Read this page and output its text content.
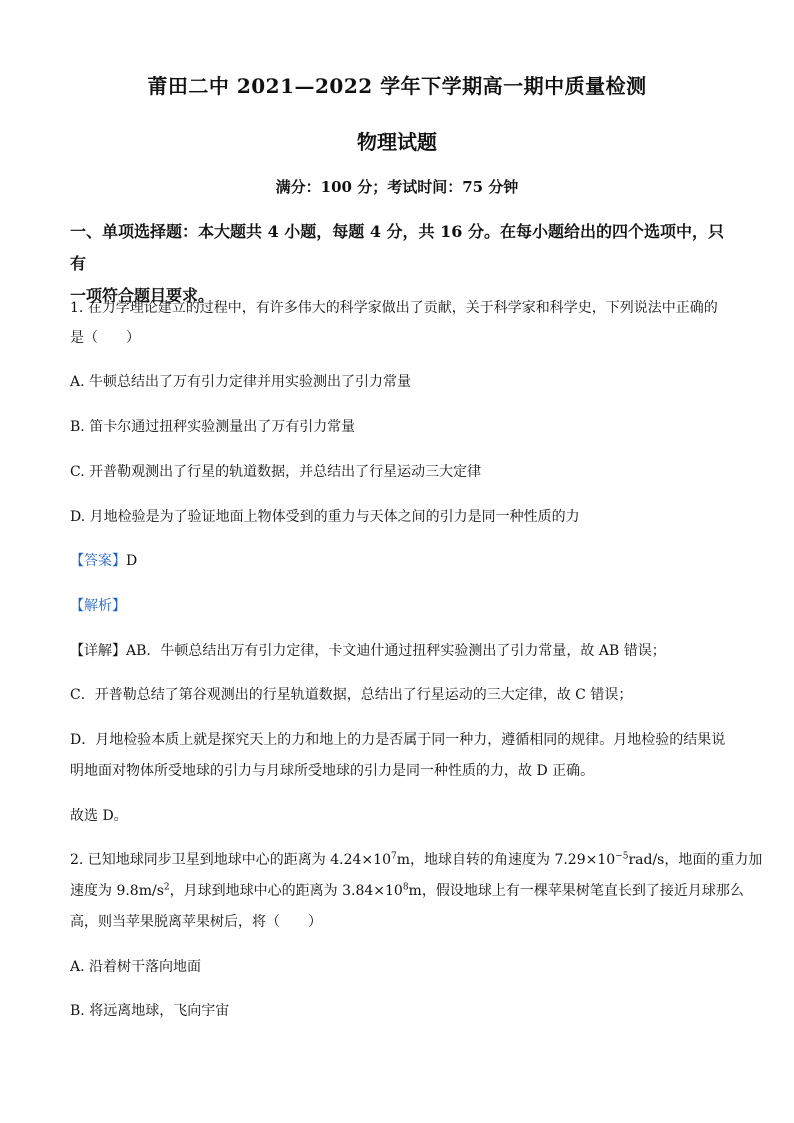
莆田二中 2021—2022 学年下学期高一期中质量检测
物理试题
满分：100 分；考试时间：75 分钟
一、单项选择题：本大题共 4 小题，每题 4 分，共 16 分。在每小题给出的四个选项中，只有
一项符合题目要求。
1. 在力学理论建立的过程中，有许多伟大的科学家做出了贡献，关于科学家和科学史，下列说法中正确的
是（　　）
A. 牛顿总结出了万有引力定律并用实验测出了引力常量
B. 笛卡尔通过扭秤实验测量出了万有引力常量
C. 开普勒观测出了行星的轨道数据，并总结出了行星运动三大定律
D. 月地检验是为了验证地面上物体受到的重力与天体之间的引力是同一种性质的力
【答案】D
【解析】
【详解】AB．牛顿总结出万有引力定律，卡文迪什通过扭秤实验测出了引力常量，故 AB 错误；
C．开普勒总结了第谷观测出的行星轨道数据，总结出了行星运动的三大定律，故 C 错误；
D．月地检验本质上就是探究天上的力和地上的力是否属于同一种力，遵循相同的规律。月地检验的结果说
明地面对物体所受地球的引力与月球所受地球的引力是同一种性质的力，故 D 正确。
故选 D。
2. 已知地球同步卫星到地球中心的距离为 $4.24\times 10^7m$，地球自转的角速度为 $7.29\times 10^{-5}rad/s$，地面的重力加
速度为 $9.8m/s^2$，月球到地球中心的距离为 $3.84\times 10^8m$，假设地球上有一棵苹果树笔直长到了接近月球那么
高，则当苹果脱离苹果树后，将（　　）
A. 沿着树干落向地面
B. 将远离地球，飞向宇宙
